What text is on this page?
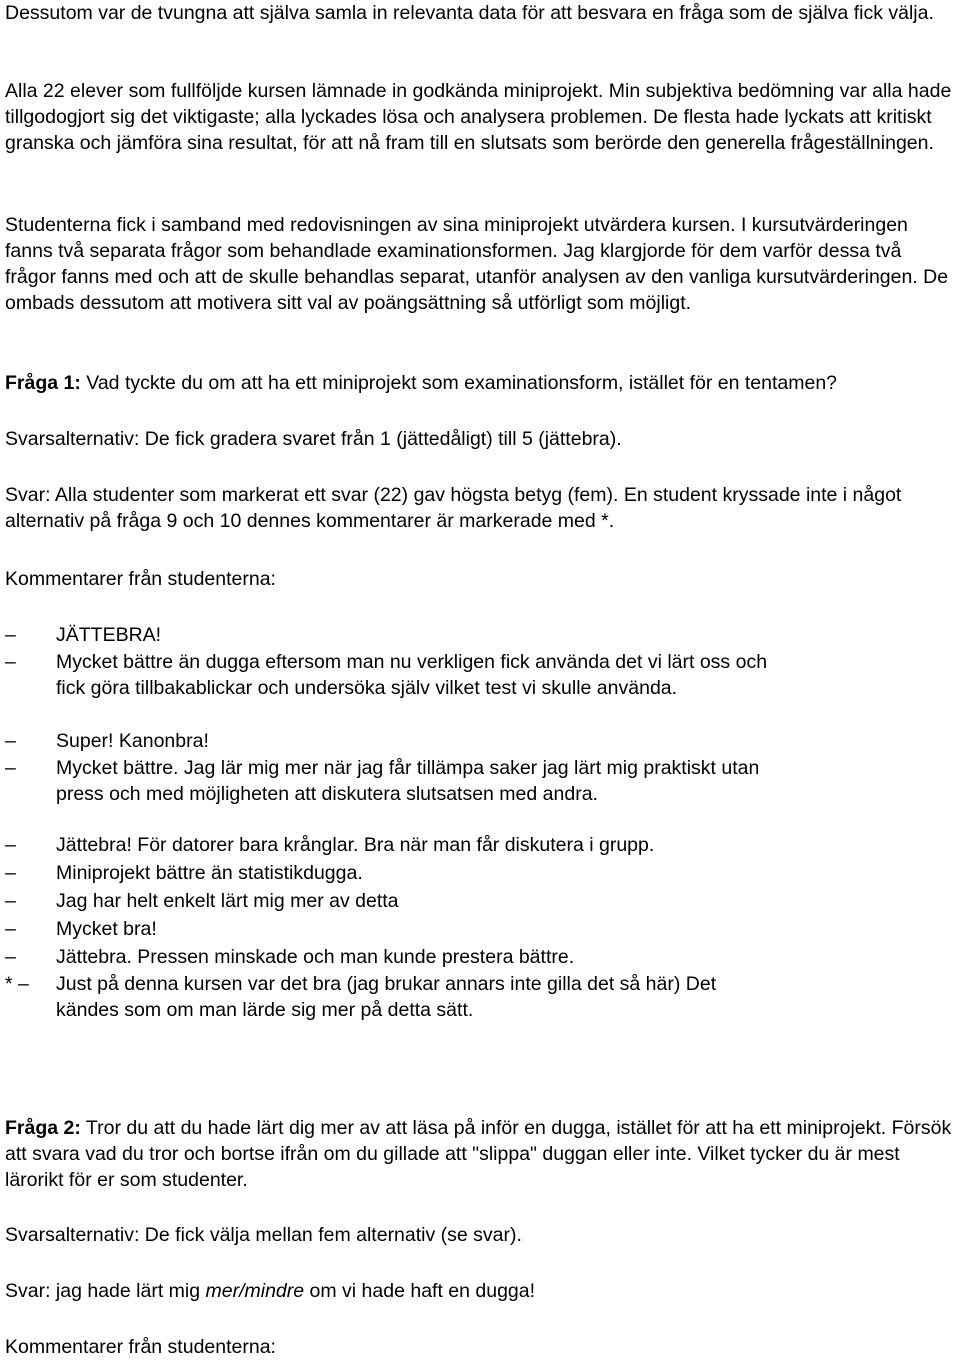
Dessutom var de tvungna att själva samla in relevanta data för att besvara en fråga som de själva fick välja.

Alla 22 elever som fullföljde kursen lämnade in godkända miniprojekt. Min subjektiva bedömning var alla hade tillgodogjort sig det viktigaste; alla lyckades lösa och analysera problemen. De flesta hade lyckats att kritiskt granska och jämföra sina resultat, för att nå fram till en slutsats som berörde den generella frågeställningen.

Studenterna fick i samband med redovisningen av sina miniprojekt utvärdera kursen. I kursutvärderingen fanns två separata frågor som behandlade examinationsformen. Jag klargjorde för dem varför dessa två frågor fanns med och att de skulle behandlas separat, utanför analysen av den vanliga kursutvärderingen. De ombads dessutom att motivera sitt val av poängsättning så utförligt som möjligt.

Fråga 1: Vad tyckte du om att ha ett miniprojekt som examinationsform, istället för en tentamen?

Svarsalternativ: De fick gradera svaret från 1 (jättedåligt) till 5 (jättebra).

Svar: Alla studenter som markerat ett svar (22) gav högsta betyg (fem). En student kryssade inte i något alternativ på fråga 9 och 10 dennes kommentarer är markerade med *.

Kommentarer från studenterna:

–	JÄTTEBRA!
–	Mycket bättre än dugga eftersom man nu verkligen fick använda det vi lärt oss och fick göra tillbakablickar och undersöka själv vilket test vi skulle använda.
–	Super! Kanonbra!
–	Mycket bättre. Jag lär mig mer när jag får tillämpa saker jag lärt mig praktiskt utan press och med möjligheten att diskutera slutsatsen med andra.
–	Jättebra! För datorer bara krånglar. Bra när man får diskutera i grupp.
–	Miniprojekt bättre än statistikdugga.
–	Jag har helt enkelt lärt mig mer av detta
–	Mycket bra!
–	Jättebra. Pressen minskade och man kunde prestera bättre.
* –	Just på denna kursen var det bra (jag brukar annars inte gilla det så här) Det kändes som om man lärde sig mer på detta sätt.

Fråga 2: Tror du att du hade lärt dig mer av att läsa på inför en dugga, istället för att ha ett miniprojekt. Försök att svara vad du tror och bortse ifrån om du gillade att "slippa" duggan eller inte. Vilket tycker du är mest lärorikt för er som studenter.

Svarsalternativ: De fick välja mellan fem alternativ (se svar).

Svar: jag hade lärt mig mer/mindre om vi hade haft en dugga!

Kommentarer från studenterna:
